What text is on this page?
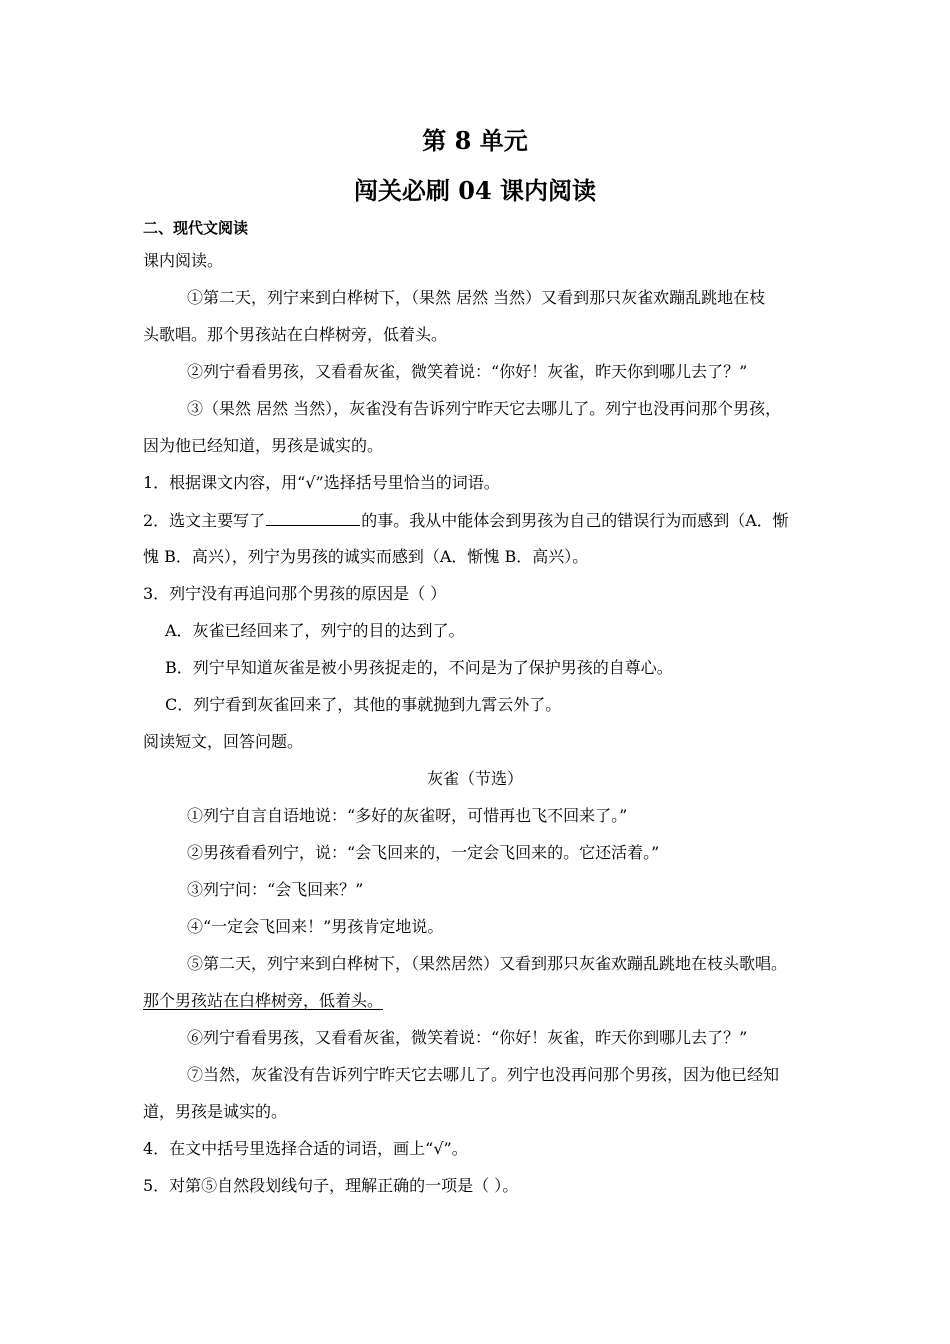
第 8 单元
闯关必刷 04 课内阅读
二、现代文阅读
课内阅读。
①第二天，列宁来到白桦树下，（果然 居然 当然）又看到那只灰雀欢蹦乱跳地在枝
头歌唱。那个男孩站在白桦树旁，低着头。
②列宁看看男孩，又看看灰雀，微笑着说：“你好！灰雀，昨天你到哪儿去了？”
③（果然 居然 当然），灰雀没有告诉列宁昨天它去哪儿了。列宁也没再问那个男孩，
因为他已经知道，男孩是诚实的。
1．根据课文内容，用“√”选择括号里恰当的词语。
2．选文主要写了	的事。我从中能体会到男孩为自己的错误行为而感到（A．惭
愧 B．高兴），列宁为男孩的诚实而感到（A．惭愧 B．高兴）。
3．列宁没有再追问那个男孩的原因是（ ）
A．灰雀已经回来了，列宁的目的达到了。
B．列宁早知道灰雀是被小男孩捉走的，不问是为了保护男孩的自尊心。
C．列宁看到灰雀回来了，其他的事就抛到九霄云外了。
阅读短文，回答问题。
灰雀（节选）
①列宁自言自语地说：“多好的灰雀呀，可惜再也飞不回来了。”
②男孩看看列宁，说：“会飞回来的，一定会飞回来的。它还活着。”
③列宁问：“会飞回来？”
④“一定会飞回来！”男孩肯定地说。
⑤第二天，列宁来到白桦树下，（果然居然）又看到那只灰雀欢蹦乱跳地在枝头歌唱。
那个男孩站在白桦树旁，低着头。
⑥列宁看看男孩，又看看灰雀，微笑着说：“你好！灰雀，昨天你到哪儿去了？”
⑦当然，灰雀没有告诉列宁昨天它去哪儿了。列宁也没再问那个男孩，因为他已经知
道，男孩是诚实的。
4．在文中括号里选择合适的词语，画上“√”。
5．对第⑤自然段划线句子，理解正确的一项是（ ）。
